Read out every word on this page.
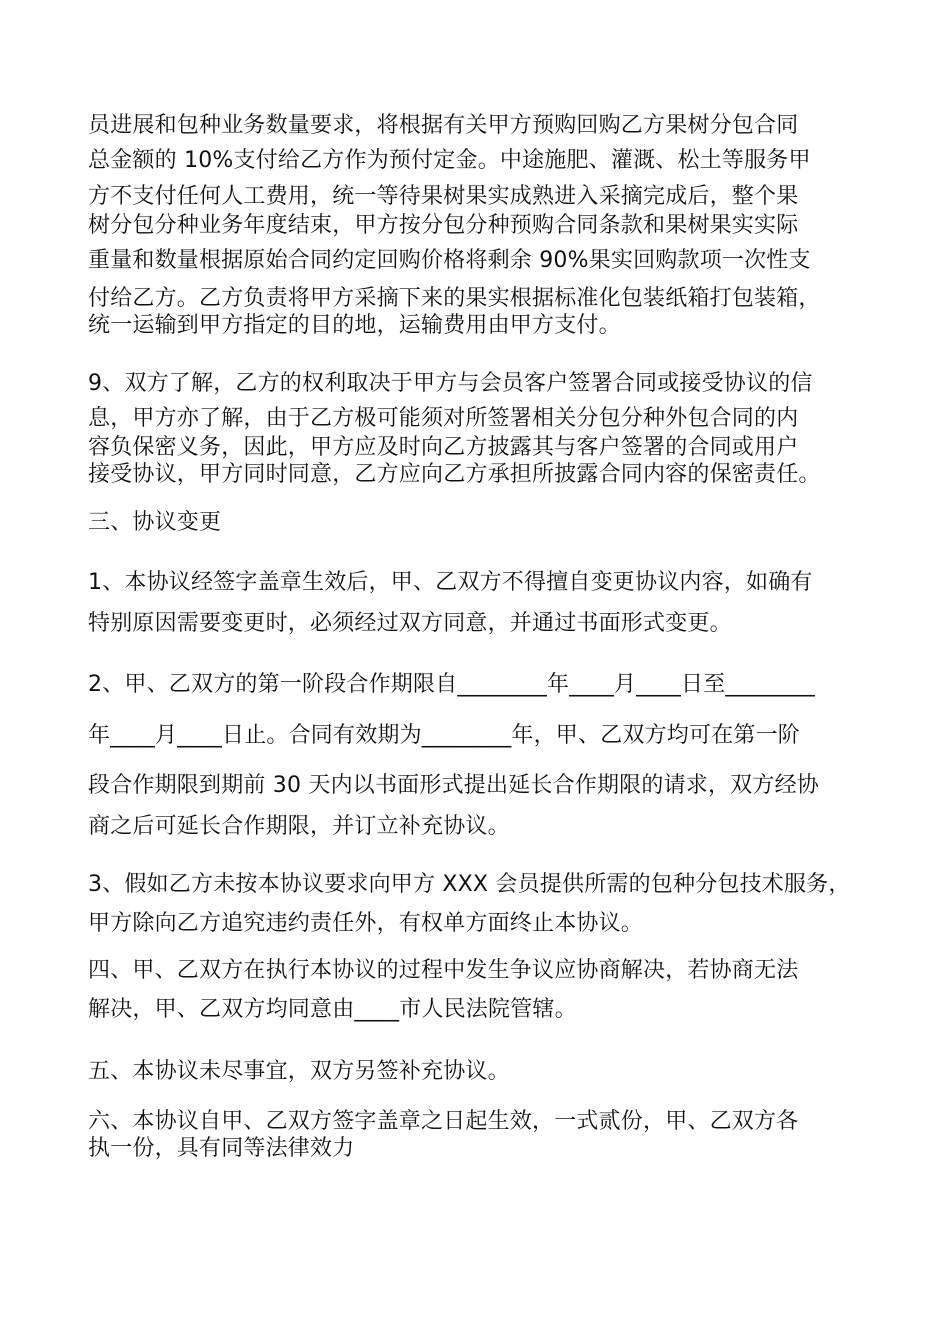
员进展和包种业务数量要求，将根据有关甲方预购回购乙方果树分包合同
总金额的 10%支付给乙方作为预付定金。中途施肥、灌溉、松土等服务甲
方不支付任何人工费用，统一等待果树果实成熟进入采摘完成后，整个果
树分包分种业务年度结束，甲方按分包分种预购合同条款和果树果实实际
重量和数量根据原始合同约定回购价格将剩余 90%果实回购款项一次性支
付给乙方。乙方负责将甲方采摘下来的果实根据标准化包装纸箱打包装箱，
统一运输到甲方指定的目的地，运输费用由甲方支付。
9、双方了解，乙方的权利取决于甲方与会员客户签署合同或接受协议的信
息，甲方亦了解，由于乙方极可能须对所签署相关分包分种外包合同的内
容负保密义务，因此，甲方应及时向乙方披露其与客户签署的合同或用户
接受协议，甲方同时同意，乙方应向乙方承担所披露合同内容的保密责任。
三、协议变更
1、本协议经签字盖章生效后，甲、乙双方不得擅自变更协议内容，如确有
特别原因需要变更时，必须经过双方同意，并通过书面形式变更。
2、甲、乙双方的第一阶段合作期限自________年____月____日至________
年____月____日止。合同有效期为________年，甲、乙双方均可在第一阶
段合作期限到期前 30 天内以书面形式提出延长合作期限的请求，双方经协
商之后可延长合作期限，并订立补充协议。
3、假如乙方未按本协议要求向甲方 XXX 会员提供所需的包种分包技术服务，
甲方除向乙方追究违约责任外，有权单方面终止本协议。
四、甲、乙双方在执行本协议的过程中发生争议应协商解决，若协商无法
解决，甲、乙双方均同意由____市人民法院管辖。
五、本协议未尽事宜，双方另签补充协议。
六、本协议自甲、乙双方签字盖章之日起生效，一式贰份，甲、乙双方各
执一份，具有同等法律效力
